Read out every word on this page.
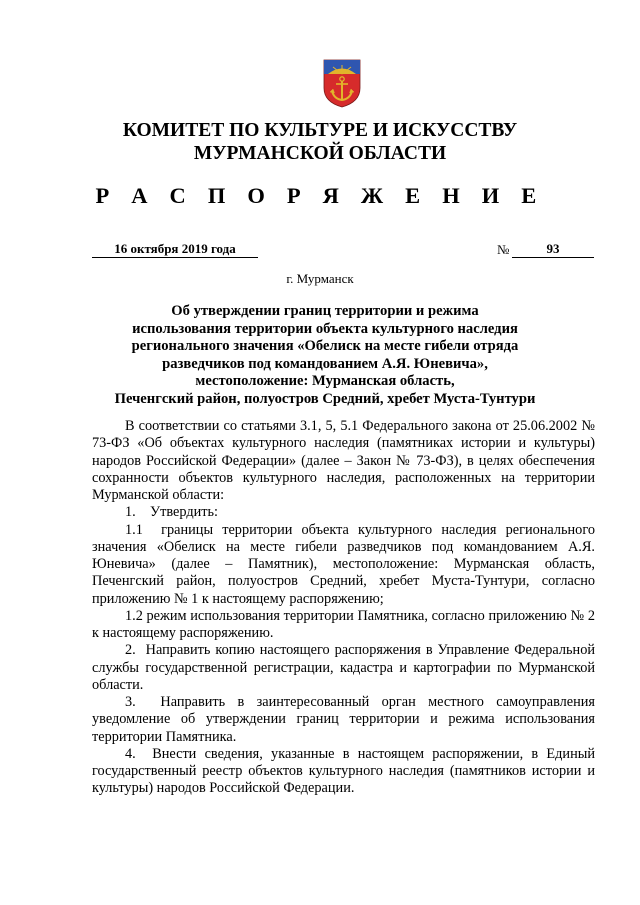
КОМИТЕТ ПО КУЛЬТУРЕ И ИСКУССТВУ
МУРМАНСКОЙ ОБЛАСТИ
Р А С П О Р Я Ж Е Н И Е
16 октября 2019 года	№	93
г. Мурманск
Об утверждении границ территории и режима
использования территории объекта культурного наследия
регионального значения «Обелиск на месте гибели отряда
разведчиков под командованием А.Я. Юневича»,
местоположение: Мурманская область,
Печенгский район, полуостров Средний, хребет Муста-Тунтури

В соответствии со статьями 3.1, 5, 5.1 Федерального закона от 25.06.2002 № 73-ФЗ «Об объектах культурного наследия (памятниках истории и культуры) народов Российской Федерации» (далее – Закон № 73-ФЗ), в целях обеспечения сохранности объектов культурного наследия, расположенных на территории Мурманской области:

1.    Утвердить:

1.1  границы территории объекта культурного наследия регионального значения «Обелиск на месте гибели разведчиков под командованием А.Я. Юневича» (далее – Памятник), местоположение: Мурманская область, Печенгский район, полуостров Средний, хребет Муста-Тунтури, согласно приложению № 1 к настоящему распоряжению;

1.2 режим использования территории Памятника, согласно приложению № 2 к настоящему распоряжению.

2.  Направить копию настоящего распоряжения в Управление Федеральной службы государственной регистрации, кадастра и картографии по Мурманской области.

3.  Направить в заинтересованный орган местного самоуправления уведомление об утверждении границ территории и режима использования территории Памятника.

4.  Внести сведения, указанные в настоящем распоряжении, в Единый государственный реестр объектов культурного наследия (памятников истории и культуры) народов Российской Федерации.
